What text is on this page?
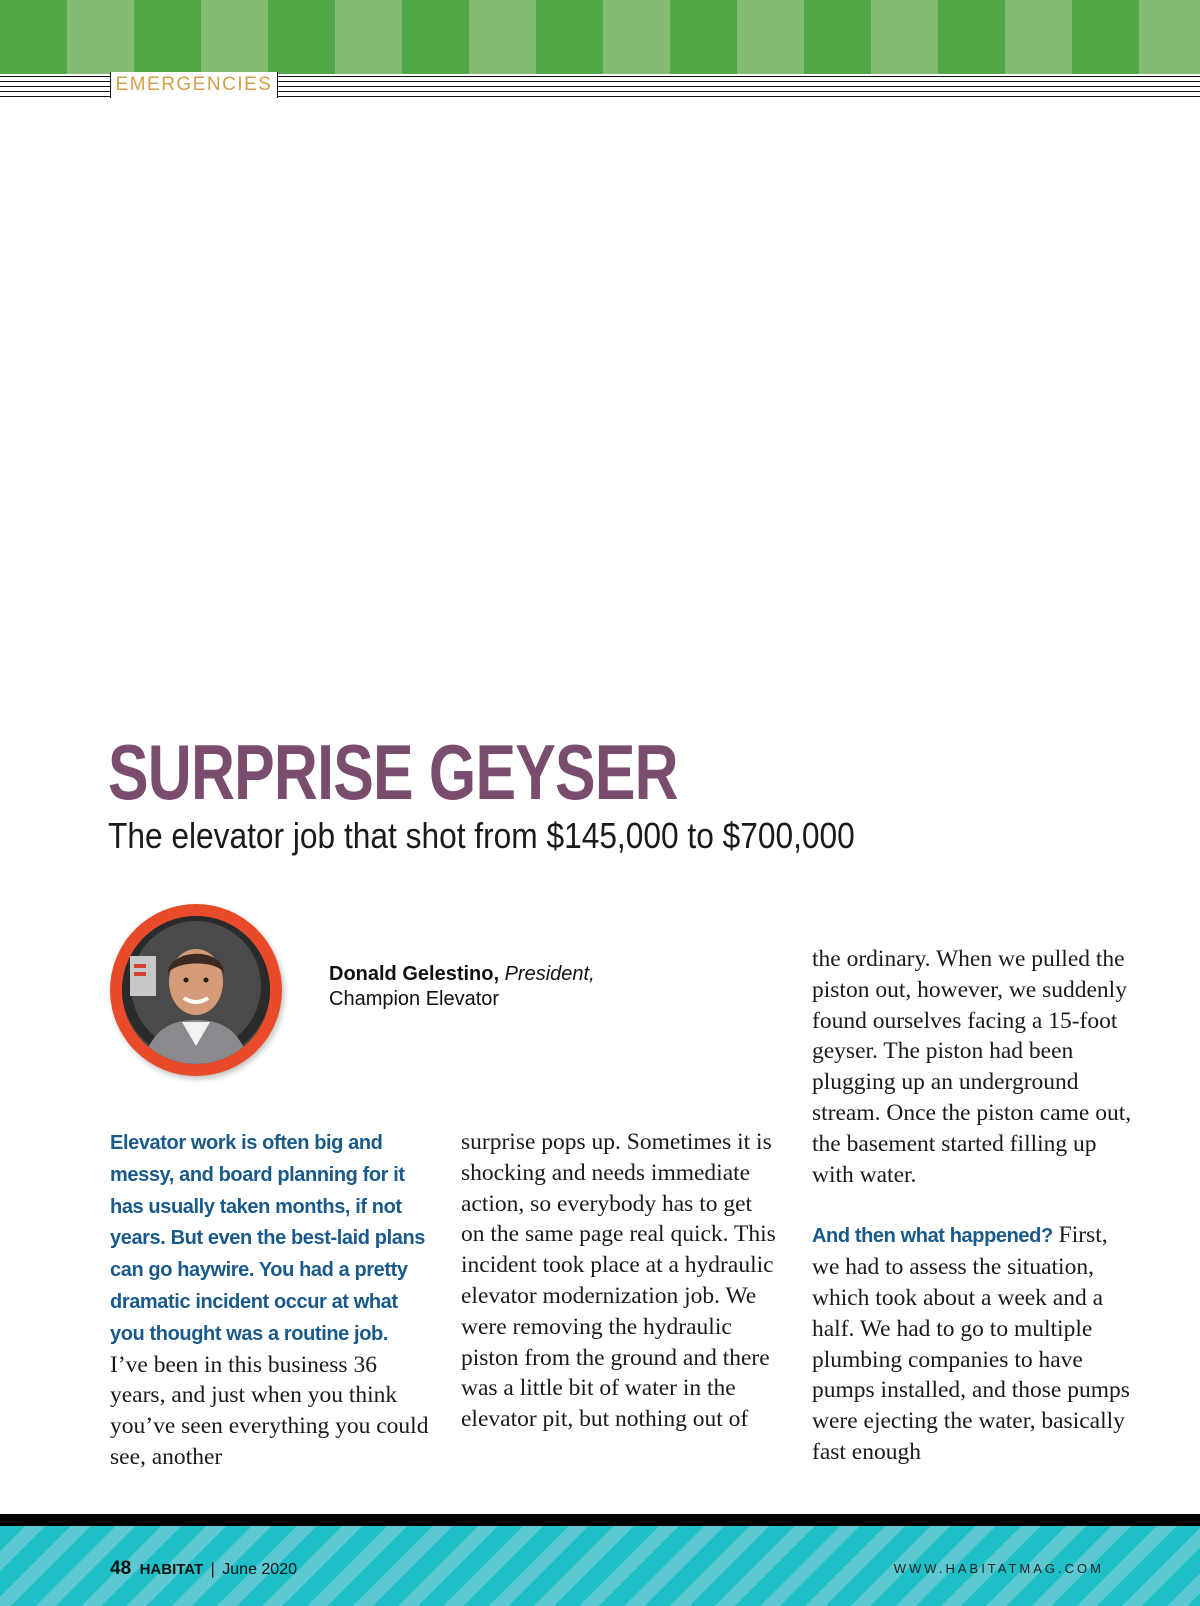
EMERGENCIES
SURPRISE GEYSER
The elevator job that shot from $145,000 to $700,000
Donald Gelestino, President,
Champion Elevator

Elevator work is often big and messy, and board planning for it has usually taken months, if not years. But even the best-laid plans can go haywire. You had a pretty dramatic incident occur at what you thought was a routine job. I’ve been in this business 36 years, and just when you think you’ve seen everything you could see, another

surprise pops up. Sometimes it is shocking and needs immediate action, so everybody has to get on the same page real quick. This incident took place at a hydraulic elevator modernization job. We were removing the hydraulic piston from the ground and there was a little bit of water in the elevator pit, but nothing out of

the ordinary. When we pulled the piston out, however, we suddenly found ourselves facing a 15-foot geyser. The piston had been plugging up an underground stream. Once the piston came out, the basement started filling up with water.

And then what happened? First, we had to assess the situation, which took about a week and a half. We had to go to multiple plumbing companies to have pumps installed, and those pumps were ejecting the water, basically fast enough

48 HABITAT | June 2020	WWW.HABITATMAG.COM
